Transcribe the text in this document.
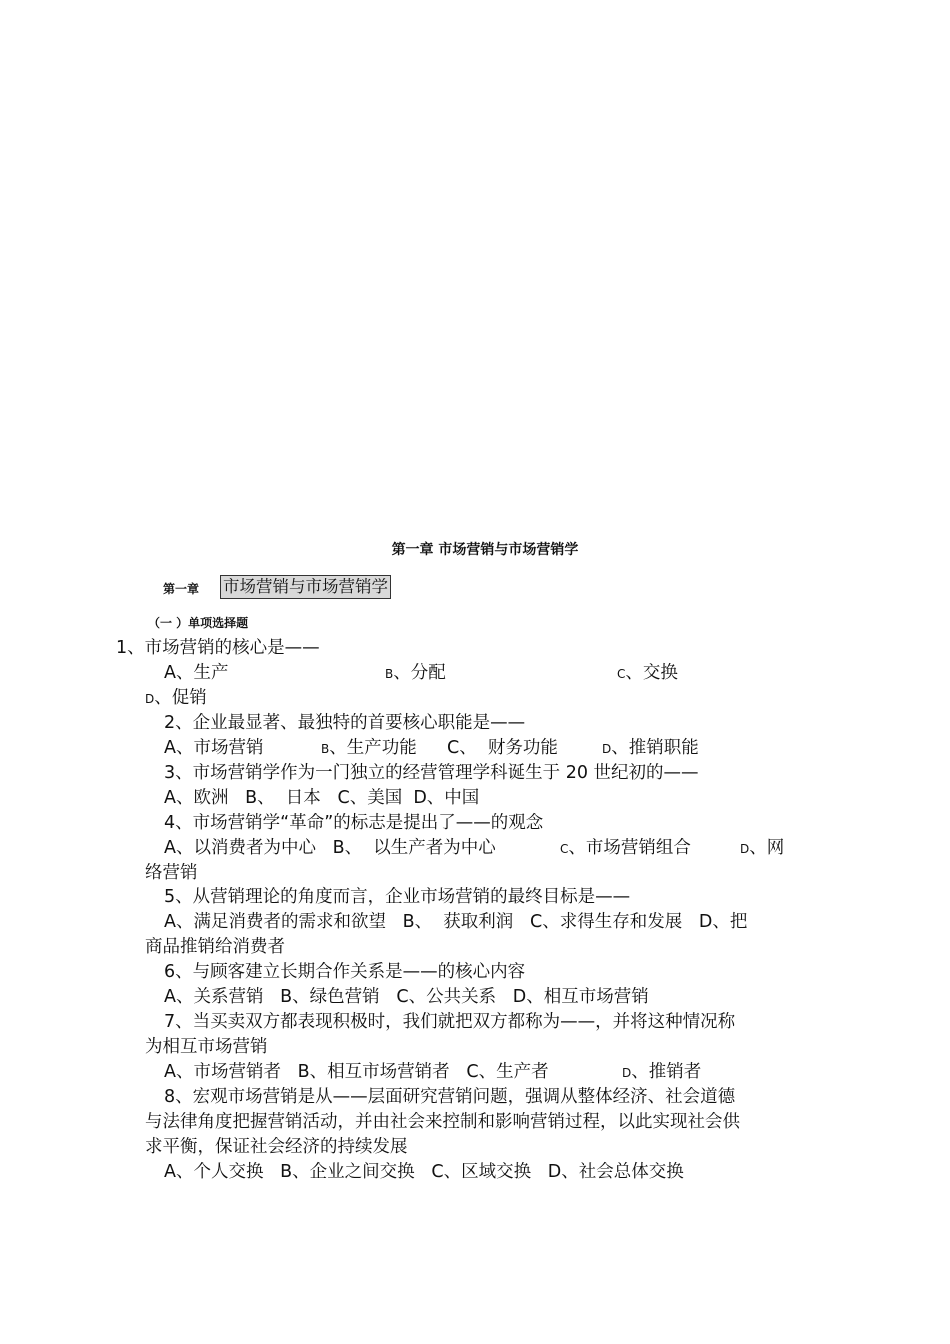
第一章 市场营销与市场营销学
第一章 市场营销与市场营销学
（一 ）单项选择题
1、市场营销的核心是——
A、生产	B、分配	C、交换
D、促销
2、企业最显著、最独特的首要核心职能是——
A、市场营销	B、生产功能 C、  财务功能	D、推销职能
3、市场营销学作为一门独立的经营管理学科诞生于 20 世纪初的——
A、欧洲   B、  日本   C、美国  D、中国
4、市场营销学“革命”的标志是提出了——的观念
A、以消费者为中心   B、  以生产者为中心	C、市场营销组合	D、网
络营销
5、从营销理论的角度而言，企业市场营销的最终目标是——
A、满足消费者的需求和欲望   B、  获取利润   C、求得生存和发展   D、把
商品推销给消费者
6、与顾客建立长期合作关系是——的核心内容
A、关系营销   B、绿色营销   C、公共关系   D、相互市场营销
7、当买卖双方都表现积极时，我们就把双方都称为——，并将这种情况称
为相互市场营销
A、市场营销者   B、相互市场营销者   C、生产者	D、推销者
8、宏观市场营销是从——层面研究营销问题，强调从整体经济、社会道德
与法律角度把握营销活动，并由社会来控制和影响营销过程，以此实现社会供
求平衡，保证社会经济的持续发展
A、个人交换   B、企业之间交换   C、区域交换   D、社会总体交换
